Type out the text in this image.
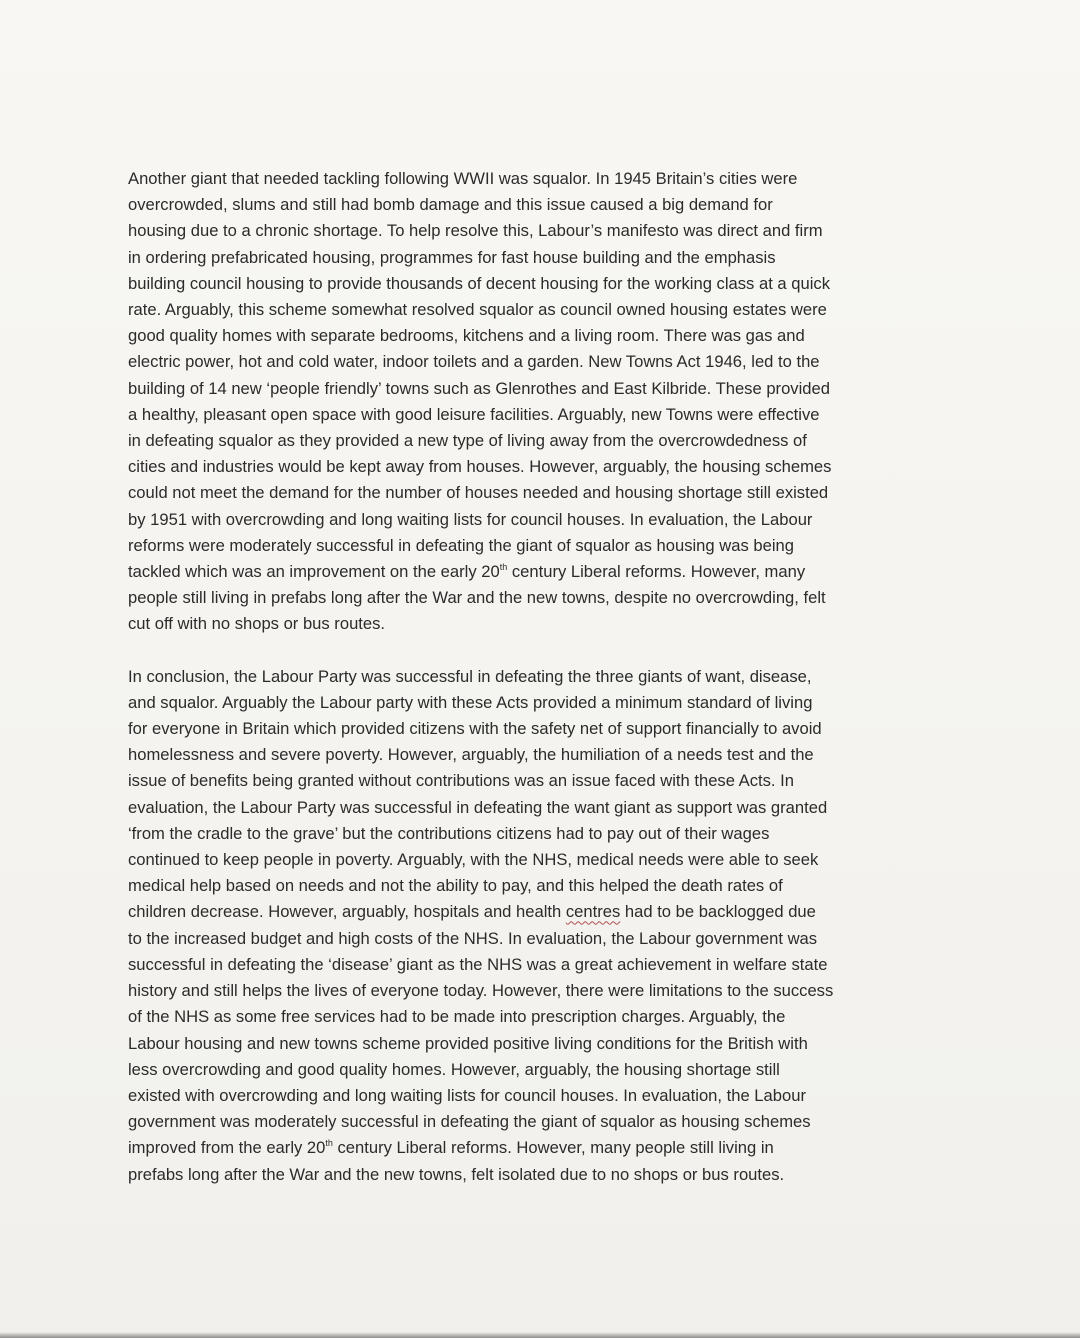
Another giant that needed tackling following WWII was squalor. In 1945 Britain’s cities were
overcrowded, slums and still had bomb damage and this issue caused a big demand for
housing due to a chronic shortage. To help resolve this, Labour’s manifesto was direct and firm
in ordering prefabricated housing, programmes for fast house building and the emphasis
building council housing to provide thousands of decent housing for the working class at a quick
rate. Arguably, this scheme somewhat resolved squalor as council owned housing estates were
good quality homes with separate bedrooms, kitchens and a living room. There was gas and
electric power, hot and cold water, indoor toilets and a garden. New Towns Act 1946, led to the
building of 14 new ‘people friendly’ towns such as Glenrothes and East Kilbride. These provided
a healthy, pleasant open space with good leisure facilities. Arguably, new Towns were effective
in defeating squalor as they provided a new type of living away from the overcrowdedness of
cities and industries would be kept away from houses. However, arguably, the housing schemes
could not meet the demand for the number of houses needed and housing shortage still existed
by 1951 with overcrowding and long waiting lists for council houses. In evaluation, the Labour
reforms were moderately successful in defeating the giant of squalor as housing was being
tackled which was an improvement on the early 20th century Liberal reforms. However, many
people still living in prefabs long after the War and the new towns, despite no overcrowding, felt
cut off with no shops or bus routes.

In conclusion, the Labour Party was successful in defeating the three giants of want, disease,
and squalor. Arguably the Labour party with these Acts provided a minimum standard of living
for everyone in Britain which provided citizens with the safety net of support financially to avoid
homelessness and severe poverty. However, arguably, the humiliation of a needs test and the
issue of benefits being granted without contributions was an issue faced with these Acts. In
evaluation, the Labour Party was successful in defeating the want giant as support was granted
‘from the cradle to the grave’ but the contributions citizens had to pay out of their wages
continued to keep people in poverty. Arguably, with the NHS, medical needs were able to seek
medical help based on needs and not the ability to pay, and this helped the death rates of
children decrease. However, arguably, hospitals and health centres had to be backlogged due
to the increased budget and high costs of the NHS. In evaluation, the Labour government was
successful in defeating the ‘disease’ giant as the NHS was a great achievement in welfare state
history and still helps the lives of everyone today. However, there were limitations to the success
of the NHS as some free services had to be made into prescription charges. Arguably, the
Labour housing and new towns scheme provided positive living conditions for the British with
less overcrowding and good quality homes. However, arguably, the housing shortage still
existed with overcrowding and long waiting lists for council houses. In evaluation, the Labour
government was moderately successful in defeating the giant of squalor as housing schemes
improved from the early 20th century Liberal reforms. However, many people still living in
prefabs long after the War and the new towns, felt isolated due to no shops or bus routes.
